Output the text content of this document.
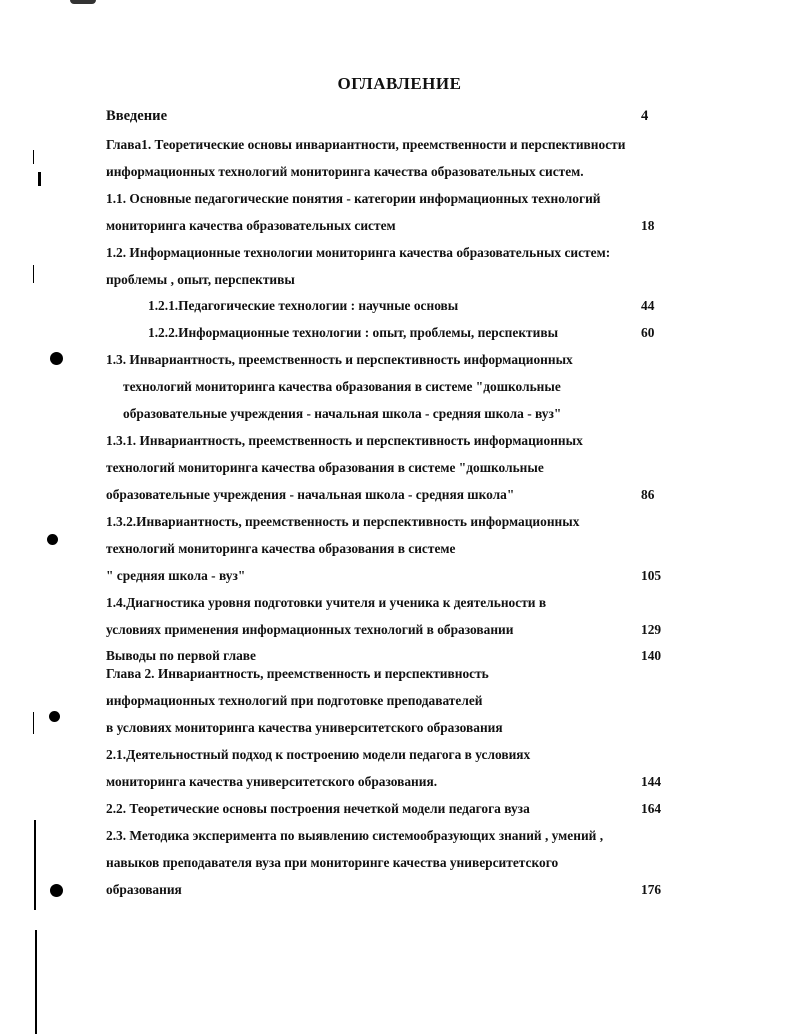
ОГЛАВЛЕНИЕ
Введение	4
Глава1. Теоретические основы инвариантности, преемственности и перспективности
информационных технологий мониторинга качества образовательных систем.
1.1. Основные педагогические понятия - категории информационных технологий
мониторинга качества образовательных систем	18
1.2. Информационные технологии мониторинга качества образовательных систем:
проблемы , опыт, перспективы
1.2.1.Педагогические технологии : научные основы	44
1.2.2.Информационные технологии : опыт, проблемы, перспективы	60
1.3. Инвариантность, преемственность и перспективность информационных
технологий мониторинга качества образования в системе "дошкольные
образовательные учреждения - начальная школа - средняя школа - вуз"
1.3.1. Инвариантность, преемственность и перспективность информационных
технологий мониторинга качества образования в системе "дошкольные
образовательные учреждения - начальная школа - средняя школа"	86
1.3.2.Инвариантность, преемственность и перспективность информационных
технологий мониторинга качества образования в системе
" средняя школа - вуз"	105
1.4.Диагностика уровня подготовки учителя и ученика к деятельности в
условиях применения информационных технологий в образовании	129
Выводы по первой главе	140
Глава 2. Инвариантность, преемственность и перспективность
информационных технологий при подготовке преподавателей
в условиях мониторинга качества университетского образования
2.1.Деятельностный подход к построению модели педагога в условиях
мониторинга качества университетского образования.	144
2.2. Теоретические основы построения нечеткой модели педагога вуза	164
2.3. Методика эксперимента по выявлению системообразующих знаний , умений ,
навыков преподавателя вуза при мониторинге качества университетского
образования	176
